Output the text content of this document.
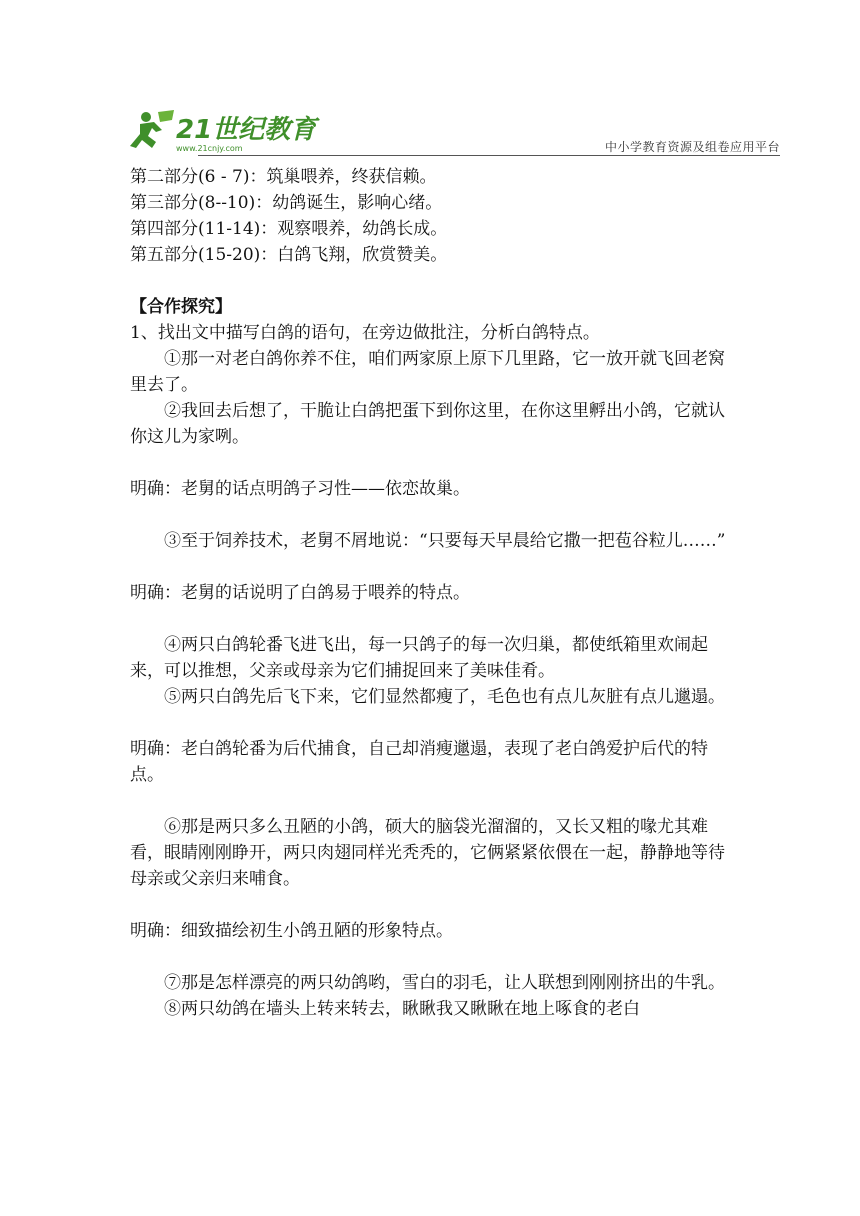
21世纪教育
www.21cnjy.com	中小学教育资源及组卷应用平台

第二部分(6 - 7)：筑巢喂养，终获信赖。

第三部分(8--10)：幼鸽诞生，影响心绪。

第四部分(11-14)：观察喂养，幼鸽长成。

第五部分(15-20)：白鸽飞翔，欣赏赞美。

【合作探究】

1、找出文中描写白鸽的语句，在旁边做批注，分析白鸽特点。

①那一对老白鸽你养不住，咱们两家原上原下几里路，它一放开就飞回老窝里去了。

②我回去后想了，干脆让白鸽把蛋下到你这里，在你这里孵出小鸽，它就认你这儿为家咧。

明确：老舅的话点明鸽子习性——依恋故巢。

③至于饲养技术，老舅不屑地说：“只要每天早晨给它撒一把苞谷粒儿……”

明确：老舅的话说明了白鸽易于喂养的特点。

④两只白鸽轮番飞进飞出，每一只鸽子的每一次归巢，都使纸箱里欢闹起来，可以推想，父亲或母亲为它们捕捉回来了美味佳肴。

⑤两只白鸽先后飞下来，它们显然都瘦了，毛色也有点儿灰脏有点儿邋遢。

明确：老白鸽轮番为后代捕食，自己却消瘦邋遢，表现了老白鸽爱护后代的特点。

⑥那是两只多么丑陋的小鸽，硕大的脑袋光溜溜的，又长又粗的喙尤其难看，眼睛刚刚睁开，两只肉翅同样光秃秃的，它俩紧紧依偎在一起，静静地等待母亲或父亲归来哺食。

明确：细致描绘初生小鸽丑陋的形象特点。

⑦那是怎样漂亮的两只幼鸽哟，雪白的羽毛，让人联想到刚刚挤出的牛乳。

⑧两只幼鸽在墙头上转来转去，瞅瞅我又瞅瞅在地上啄食的老白
